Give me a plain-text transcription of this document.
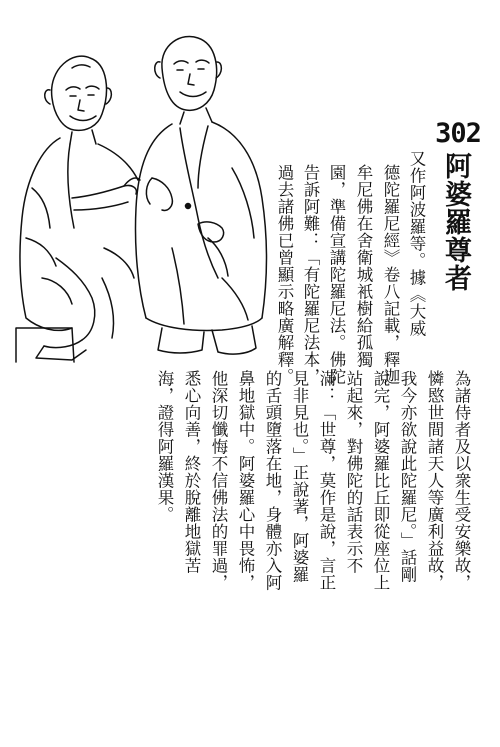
302
阿婆羅尊者
又作阿波羅等。據《大威
德陀羅尼經》卷八記載，釋迦
牟尼佛在舍衛城衹樹給孤獨
園，準備宣講陀羅尼法。佛陀
告訴阿難：「有陀羅尼法本，
過去諸佛已曾顯示略廣解釋。
為諸侍者及以衆生受安樂故，
憐愍世間諸天人等廣利益故，
我今亦欲說此陀羅尼。」話剛
說完，阿婆羅比丘即從座位上
站起來，對佛陀的話表示不
滿：「世尊，莫作是說，言正
見非見也。」正說著，阿婆羅
的舌頭墮落在地，身體亦入阿
鼻地獄中。阿婆羅心中畏怖，
他深切懺悔不信佛法的罪過，
悉心向善，終於脫離地獄苦
海，證得阿羅漢果。
